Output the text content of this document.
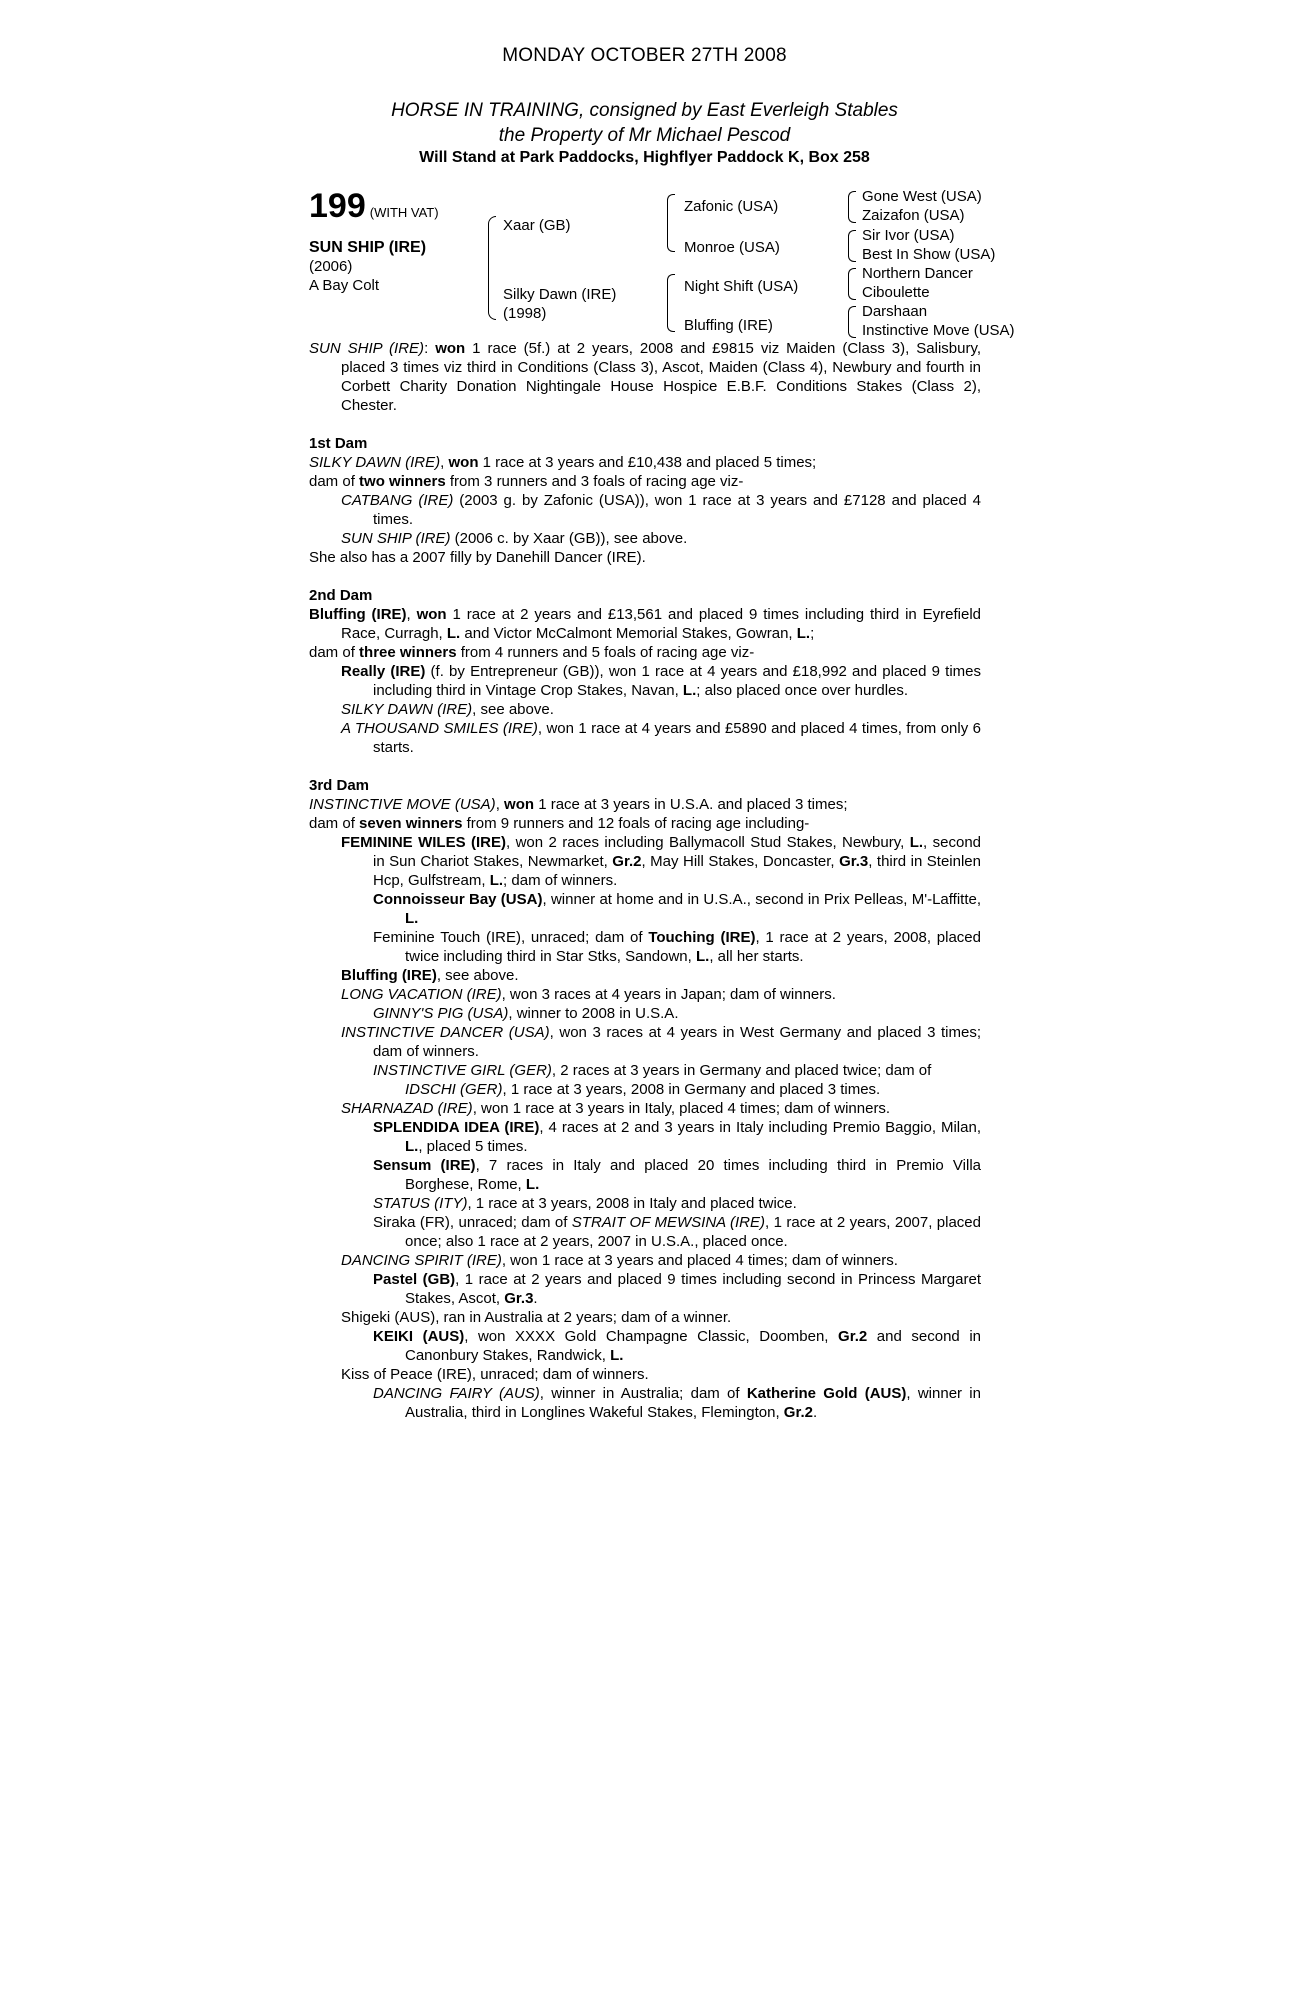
MONDAY OCTOBER 27TH 2008
HORSE IN TRAINING, consigned by East Everleigh Stables
the Property of Mr Michael Pescod
Will Stand at Park Paddocks, Highflyer Paddock K, Box 258
199 (WITH VAT)
SUN SHIP (IRE)
(2006)
A Bay Colt
Xaar (GB)
Silky Dawn (IRE)
(1998)
Zafonic (USA)
Monroe (USA)
Night Shift (USA)
Bluffing (IRE)
Gone West (USA)
Zaizafon (USA)
Sir Ivor (USA)
Best In Show (USA)
Northern Dancer
Ciboulette
Darshaan
Instinctive Move (USA)

SUN SHIP (IRE): won 1 race (5f.) at 2 years, 2008 and £9815 viz Maiden (Class 3), Salisbury, placed 3 times viz third in Conditions (Class 3), Ascot, Maiden (Class 4), Newbury and fourth in Corbett Charity Donation Nightingale House Hospice E.B.F. Conditions Stakes (Class 2), Chester.

1st Dam

SILKY DAWN (IRE), won 1 race at 3 years and £10,438 and placed 5 times;

dam of two winners from 3 runners and 3 foals of racing age viz-

CATBANG (IRE) (2003 g. by Zafonic (USA)), won 1 race at 3 years and £7128 and placed 4 times.

SUN SHIP (IRE) (2006 c. by Xaar (GB)), see above.

She also has a 2007 filly by Danehill Dancer (IRE).

2nd Dam

Bluffing (IRE), won 1 race at 2 years and £13,561 and placed 9 times including third in Eyrefield Race, Curragh, L. and Victor McCalmont Memorial Stakes, Gowran, L.;

dam of three winners from 4 runners and 5 foals of racing age viz-

Really (IRE) (f. by Entrepreneur (GB)), won 1 race at 4 years and £18,992 and placed 9 times including third in Vintage Crop Stakes, Navan, L.; also placed once over hurdles.

SILKY DAWN (IRE), see above.

A THOUSAND SMILES (IRE), won 1 race at 4 years and £5890 and placed 4 times, from only 6 starts.

3rd Dam

INSTINCTIVE MOVE (USA), won 1 race at 3 years in U.S.A. and placed 3 times;

dam of seven winners from 9 runners and 12 foals of racing age including-

FEMININE WILES (IRE), won 2 races including Ballymacoll Stud Stakes, Newbury, L., second in Sun Chariot Stakes, Newmarket, Gr.2, May Hill Stakes, Doncaster, Gr.3, third in Steinlen Hcp, Gulfstream, L.; dam of winners.

Connoisseur Bay (USA), winner at home and in U.S.A., second in Prix Pelleas, M'-Laffitte, L.

Feminine Touch (IRE), unraced; dam of Touching (IRE), 1 race at 2 years, 2008, placed twice including third in Star Stks, Sandown, L., all her starts.

Bluffing (IRE), see above.

LONG VACATION (IRE), won 3 races at 4 years in Japan; dam of winners.

GINNY'S PIG (USA), winner to 2008 in U.S.A.

INSTINCTIVE DANCER (USA), won 3 races at 4 years in West Germany and placed 3 times; dam of winners.

INSTINCTIVE GIRL (GER), 2 races at 3 years in Germany and placed twice; dam of

IDSCHI (GER), 1 race at 3 years, 2008 in Germany and placed 3 times.

SHARNAZAD (IRE), won 1 race at 3 years in Italy, placed 4 times; dam of winners.

SPLENDIDA IDEA (IRE), 4 races at 2 and 3 years in Italy including Premio Baggio, Milan, L., placed 5 times.

Sensum (IRE), 7 races in Italy and placed 20 times including third in Premio Villa Borghese, Rome, L.

STATUS (ITY), 1 race at 3 years, 2008 in Italy and placed twice.

Siraka (FR), unraced; dam of STRAIT OF MEWSINA (IRE), 1 race at 2 years, 2007, placed once; also 1 race at 2 years, 2007 in U.S.A., placed once.

DANCING SPIRIT (IRE), won 1 race at 3 years and placed 4 times; dam of winners.

Pastel (GB), 1 race at 2 years and placed 9 times including second in Princess Margaret Stakes, Ascot, Gr.3.

Shigeki (AUS), ran in Australia at 2 years; dam of a winner.

KEIKI (AUS), won XXXX Gold Champagne Classic, Doomben, Gr.2 and second in Canonbury Stakes, Randwick, L.

Kiss of Peace (IRE), unraced; dam of winners.

DANCING FAIRY (AUS), winner in Australia; dam of Katherine Gold (AUS), winner in Australia, third in Longlines Wakeful Stakes, Flemington, Gr.2.
